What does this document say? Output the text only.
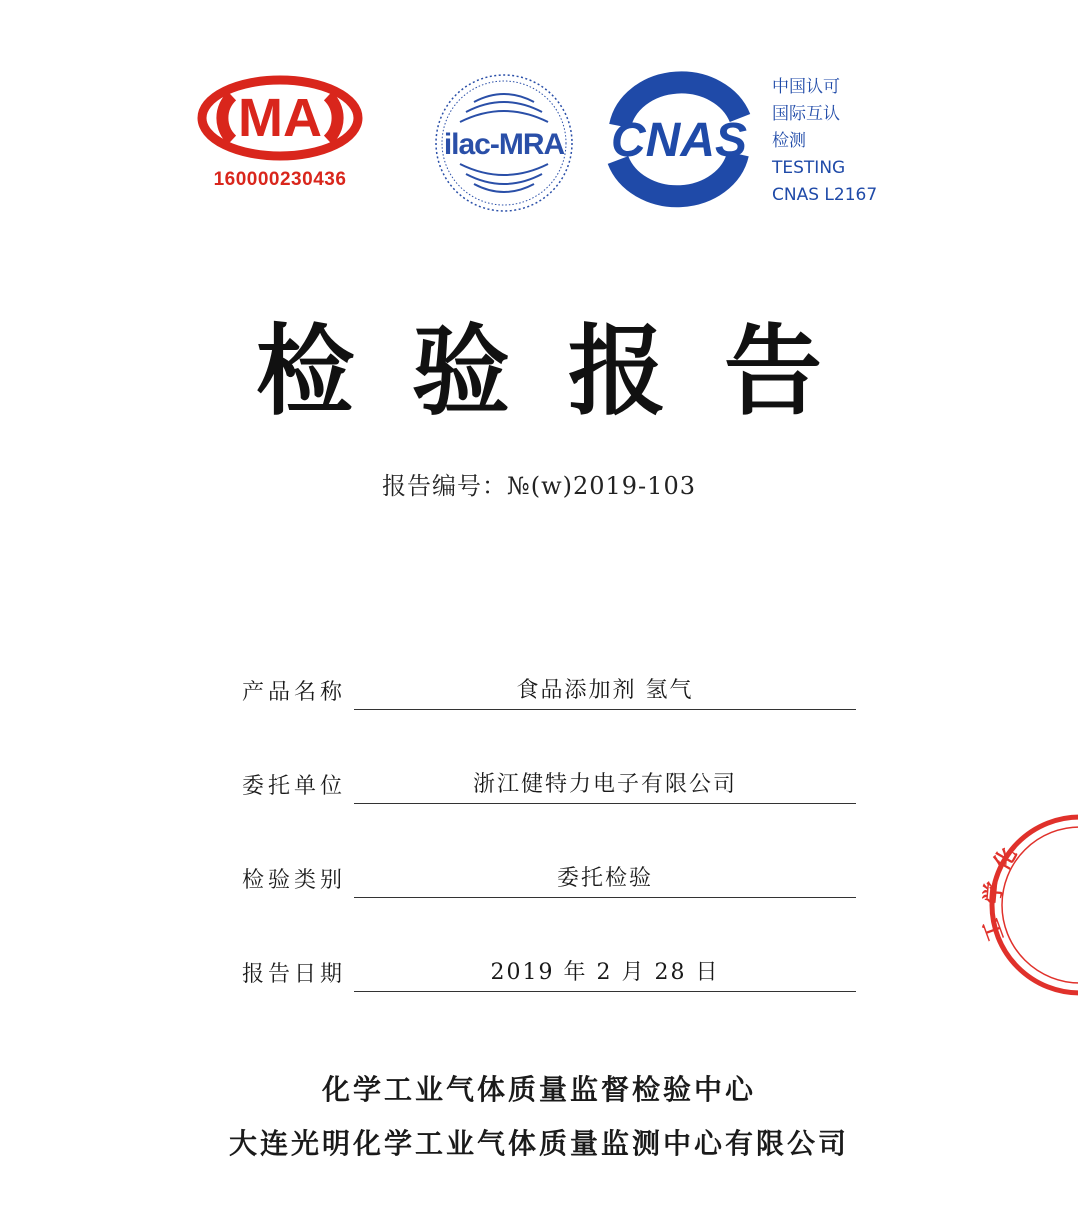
MA
160000230436
ilac-MRA CNAS
中国认可
国际互认
检测
TESTING
CNAS L2167
检验报告
报告编号：№(w)2019-103
产品名称	食品添加剂 氢气
委托单位	浙江健特力电子有限公司
检验类别	委托检验
报告日期	2019 年 2 月 28 日
化学工业气体质量监督检验中心
大连光明化学工业气体质量监测中心有限公司
化
学
工
